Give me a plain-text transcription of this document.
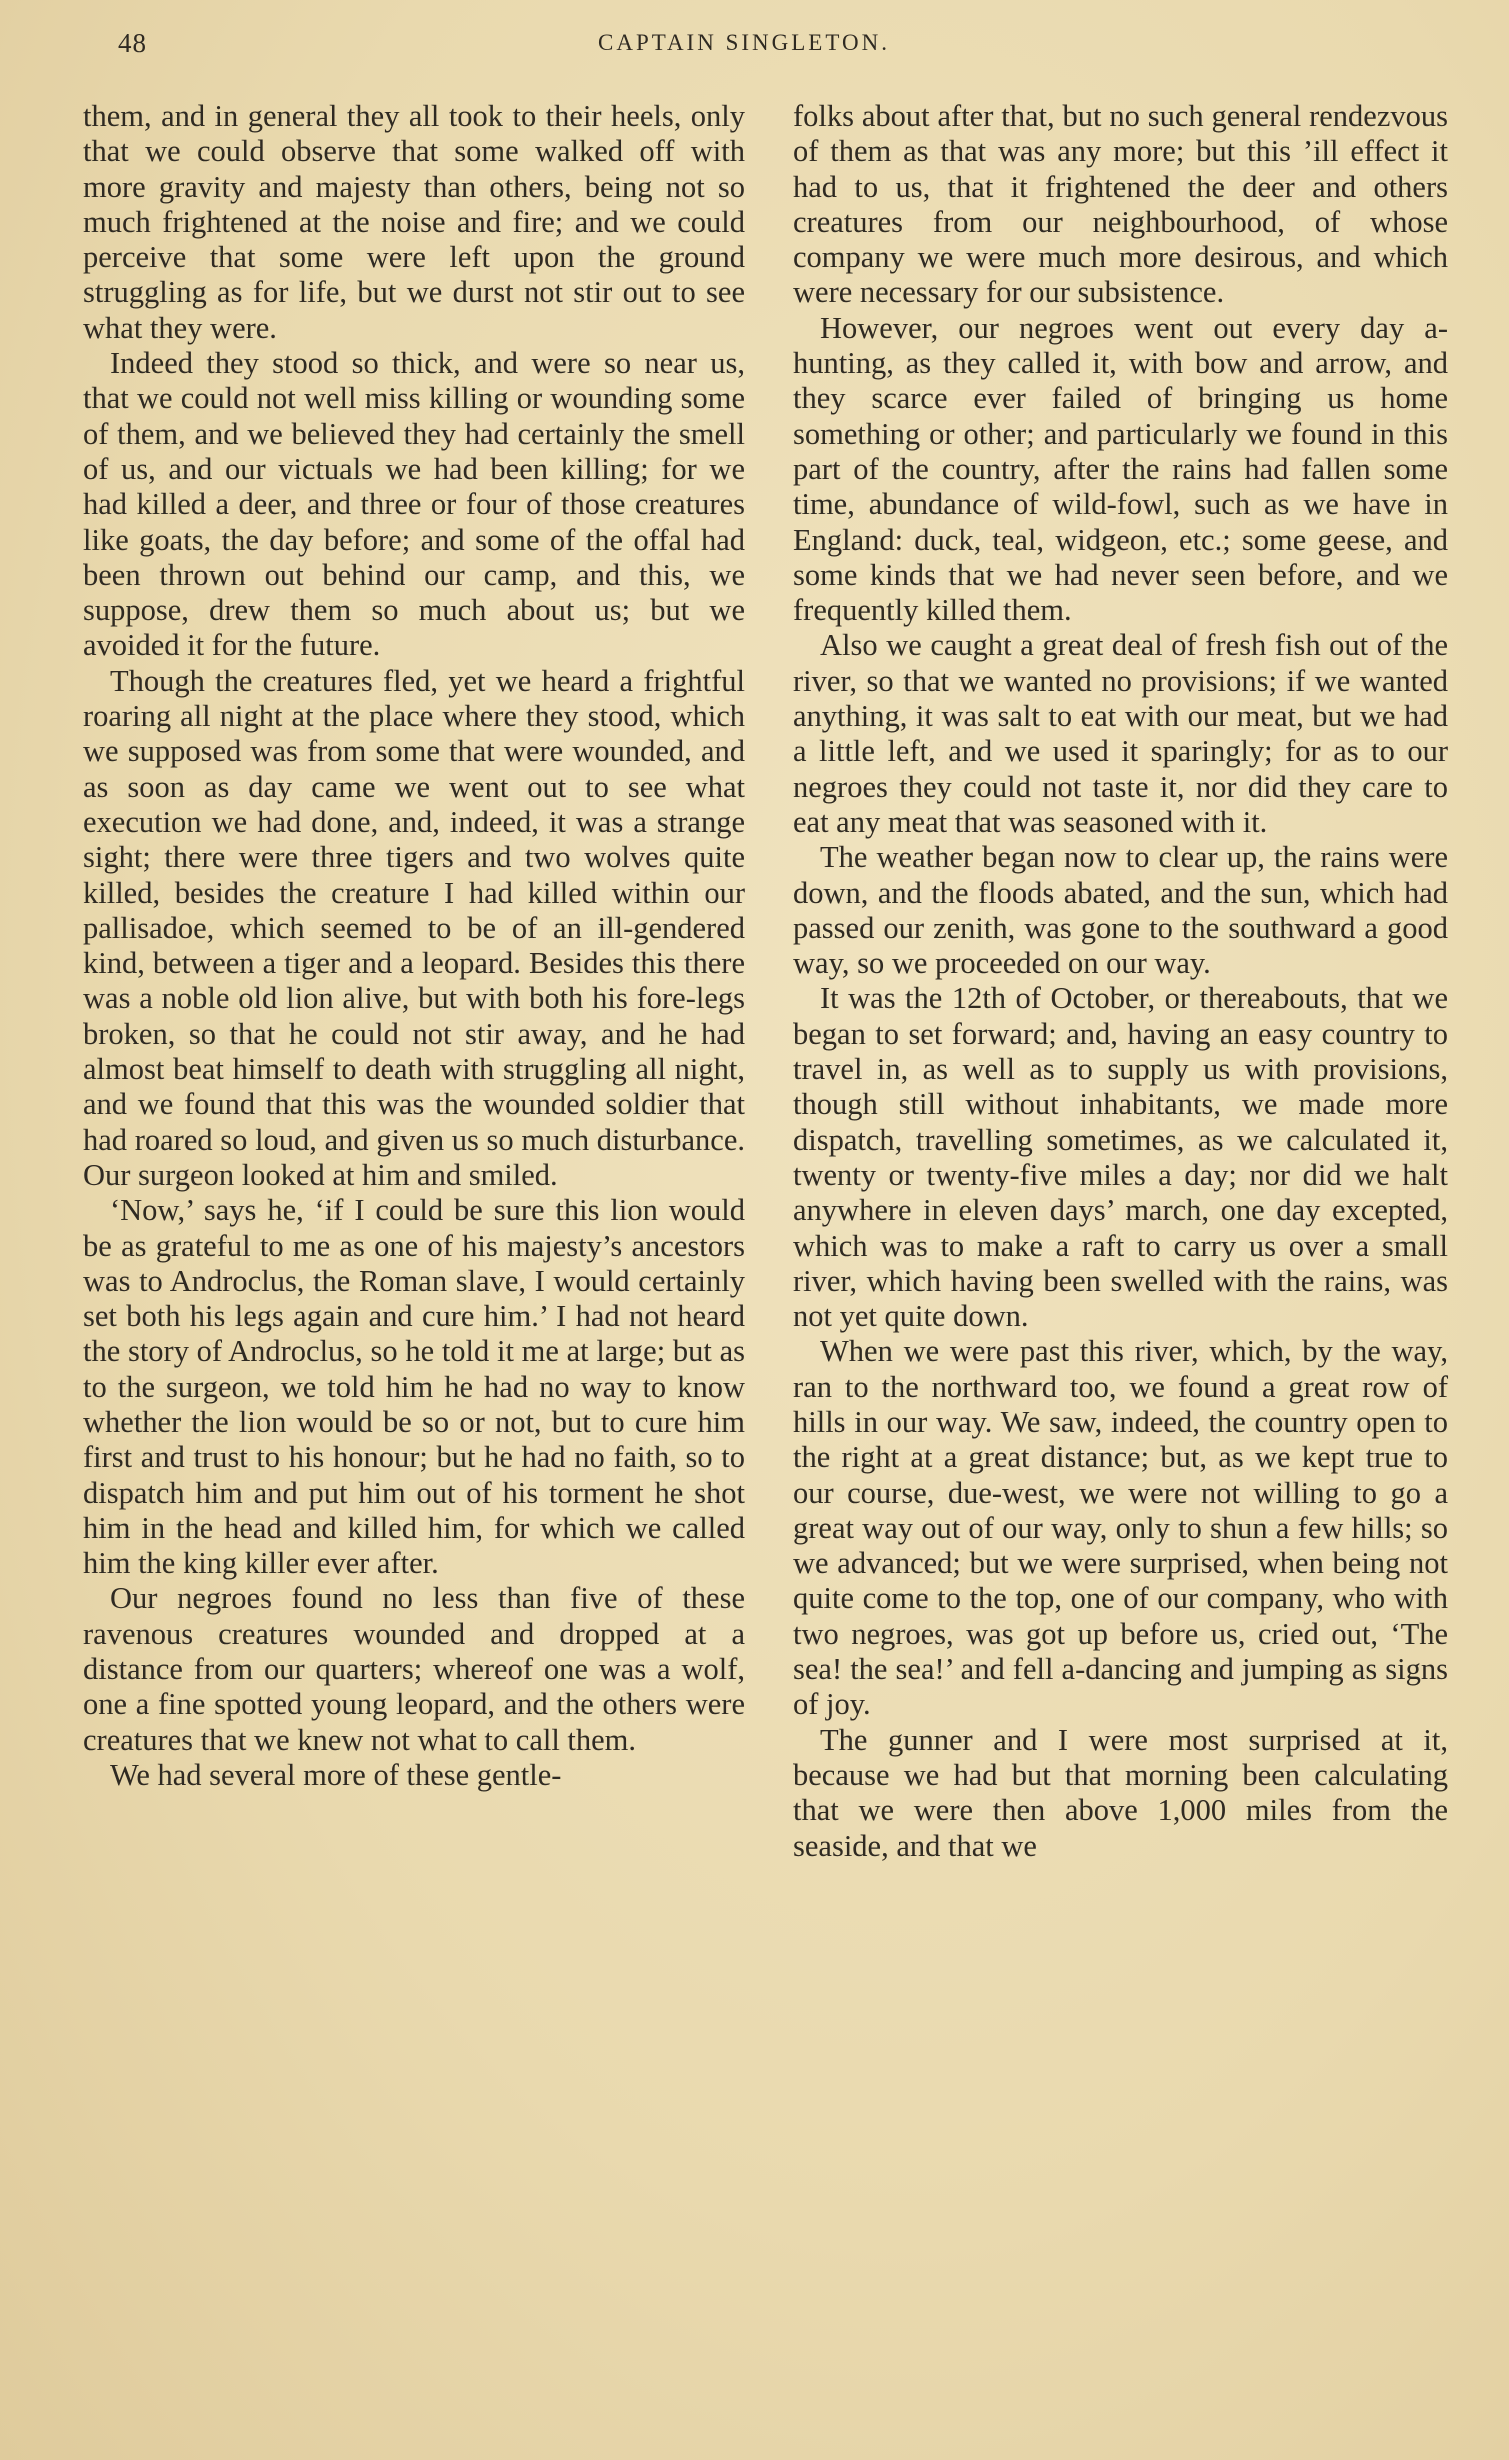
48	CAPTAIN SINGLETON.

them, and in general they all took to their heels, only that we could observe that some walked off with more gravity and majesty than others, being not so much frightened at the noise and fire; and we could perceive that some were left upon the ground struggling as for life, but we durst not stir out to see what they were.

Indeed they stood so thick, and were so near us, that we could not well miss killing or wounding some of them, and we believed they had certainly the smell of us, and our victuals we had been killing; for we had killed a deer, and three or four of those creatures like goats, the day before; and some of the offal had been thrown out behind our camp, and this, we suppose, drew them so much about us; but we avoided it for the future.

Though the creatures fled, yet we heard a frightful roaring all night at the place where they stood, which we supposed was from some that were wounded, and as soon as day came we went out to see what execution we had done, and, indeed, it was a strange sight; there were three tigers and two wolves quite killed, besides the creature I had killed within our pallisadoe, which seemed to be of an ill-gendered kind, between a tiger and a leopard. Besides this there was a noble old lion alive, but with both his fore-legs broken, so that he could not stir away, and he had almost beat himself to death with struggling all night, and we found that this was the wounded soldier that had roared so loud, and given us so much disturbance. Our surgeon looked at him and smiled.

‘Now,’ says he, ‘if I could be sure this lion would be as grateful to me as one of his majesty’s ancestors was to Androclus, the Roman slave, I would certainly set both his legs again and cure him.’ I had not heard the story of Androclus, so he told it me at large; but as to the surgeon, we told him he had no way to know whether the lion would be so or not, but to cure him first and trust to his honour; but he had no faith, so to dispatch him and put him out of his torment he shot him in the head and killed him, for which we called him the king killer ever after.

Our negroes found no less than five of these ravenous creatures wounded and dropped at a distance from our quarters; whereof one was a wolf, one a fine spotted young leopard, and the others were creatures that we knew not what to call them.

We had several more of these gentle-

folks about after that, but no such general rendezvous of them as that was any more; but this ’ill effect it had to us, that it frightened the deer and others creatures from our neighbourhood, of whose company we were much more desirous, and which were necessary for our subsistence.

However, our negroes went out every day a-hunting, as they called it, with bow and arrow, and they scarce ever failed of bringing us home something or other; and particularly we found in this part of the country, after the rains had fallen some time, abundance of wild-fowl, such as we have in England: duck, teal, widgeon, etc.; some geese, and some kinds that we had never seen before, and we frequently killed them.

Also we caught a great deal of fresh fish out of the river, so that we wanted no provisions; if we wanted anything, it was salt to eat with our meat, but we had a little left, and we used it sparingly; for as to our negroes they could not taste it, nor did they care to eat any meat that was seasoned with it.

The weather began now to clear up, the rains were down, and the floods abated, and the sun, which had passed our zenith, was gone to the southward a good way, so we proceeded on our way.

It was the 12th of October, or thereabouts, that we began to set forward; and, having an easy country to travel in, as well as to supply us with provisions, though still without inhabitants, we made more dispatch, travelling sometimes, as we calculated it, twenty or twenty-five miles a day; nor did we halt anywhere in eleven days’ march, one day excepted, which was to make a raft to carry us over a small river, which having been swelled with the rains, was not yet quite down.

When we were past this river, which, by the way, ran to the northward too, we found a great row of hills in our way. We saw, indeed, the country open to the right at a great distance; but, as we kept true to our course, due-west, we were not willing to go a great way out of our way, only to shun a few hills; so we advanced; but we were surprised, when being not quite come to the top, one of our company, who with two negroes, was got up before us, cried out, ‘The sea! the sea!’ and fell a-dancing and jumping as signs of joy.

The gunner and I were most surprised at it, because we had but that morning been calculating that we were then above 1,000 miles from the seaside, and that we
